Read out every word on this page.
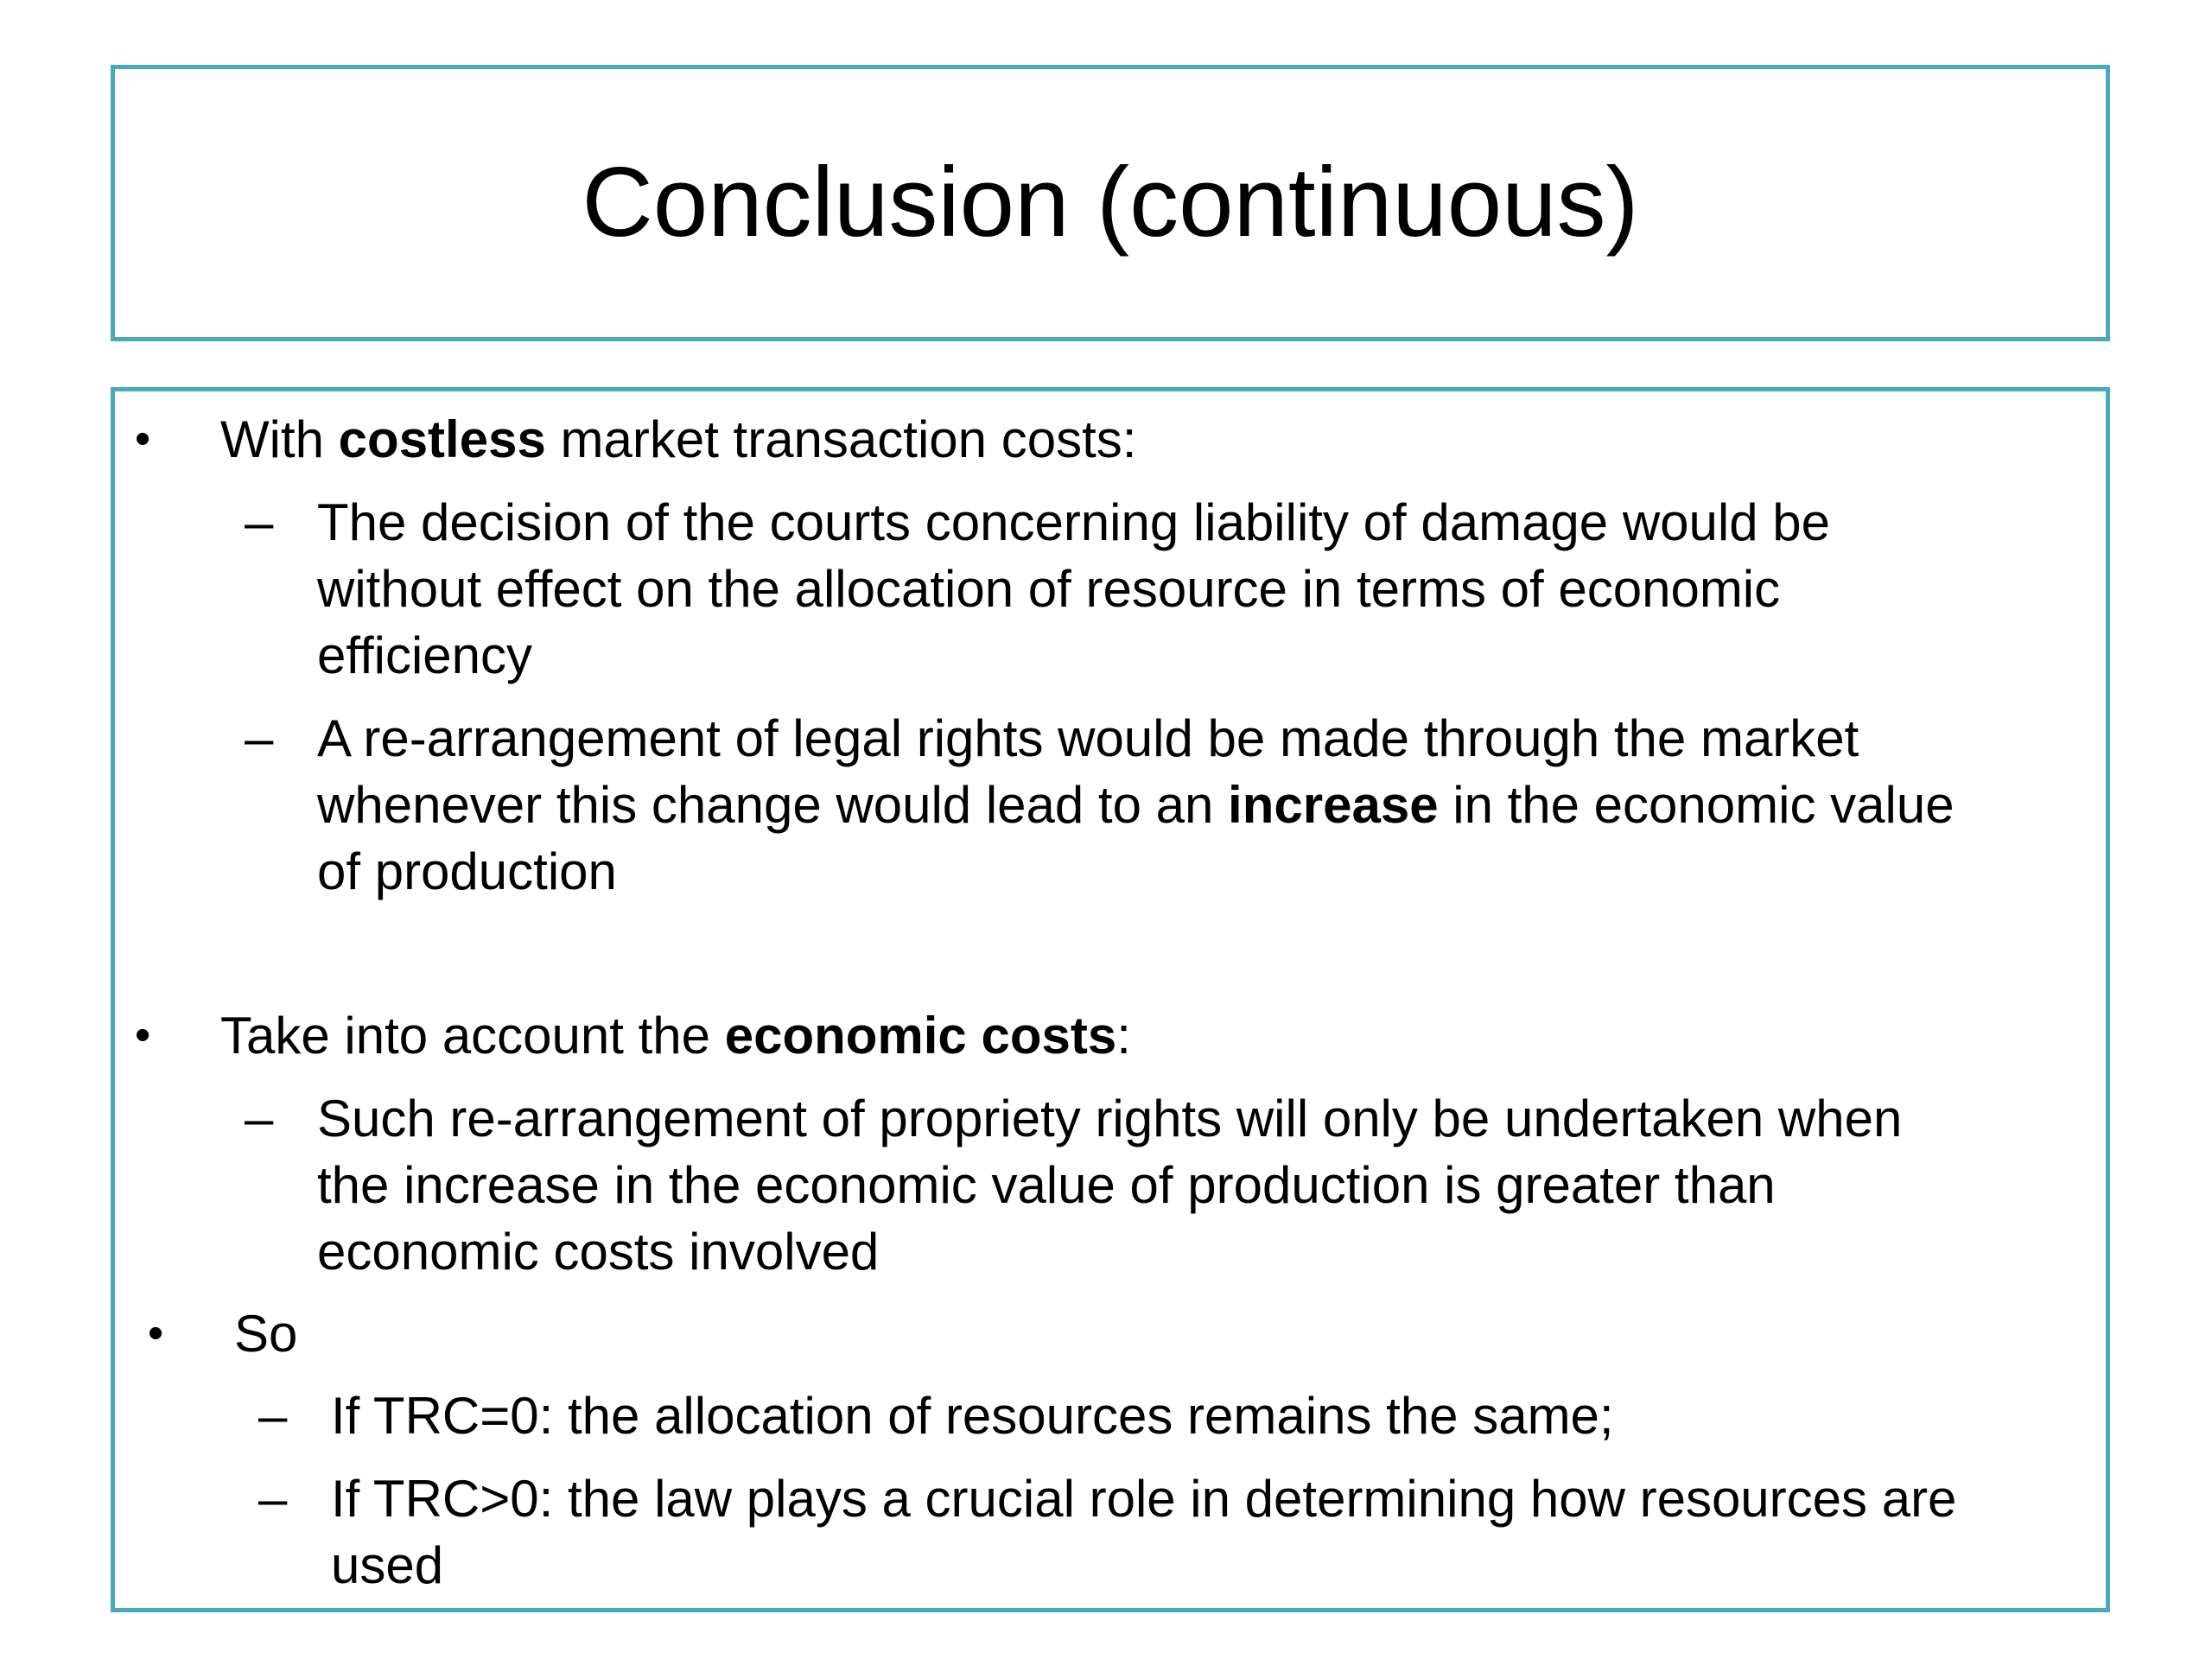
Conclusion (continuous)
• With costless market transaction costs:
– The decision of the courts concerning liability of damage would be
without effect on the allocation of resource in terms of economic
efficiency
– A re-arrangement of legal rights would be made through the market
whenever this change would lead to an increase in the economic value
of production
• Take into account the economic costs:
– Such re-arrangement of propriety rights will only be undertaken when
the increase in the economic value of production is greater than
economic costs involved
• So
– If TRC=0: the allocation of resources remains the same;
– If TRC>0: the law plays a crucial role in determining how resources are
used
